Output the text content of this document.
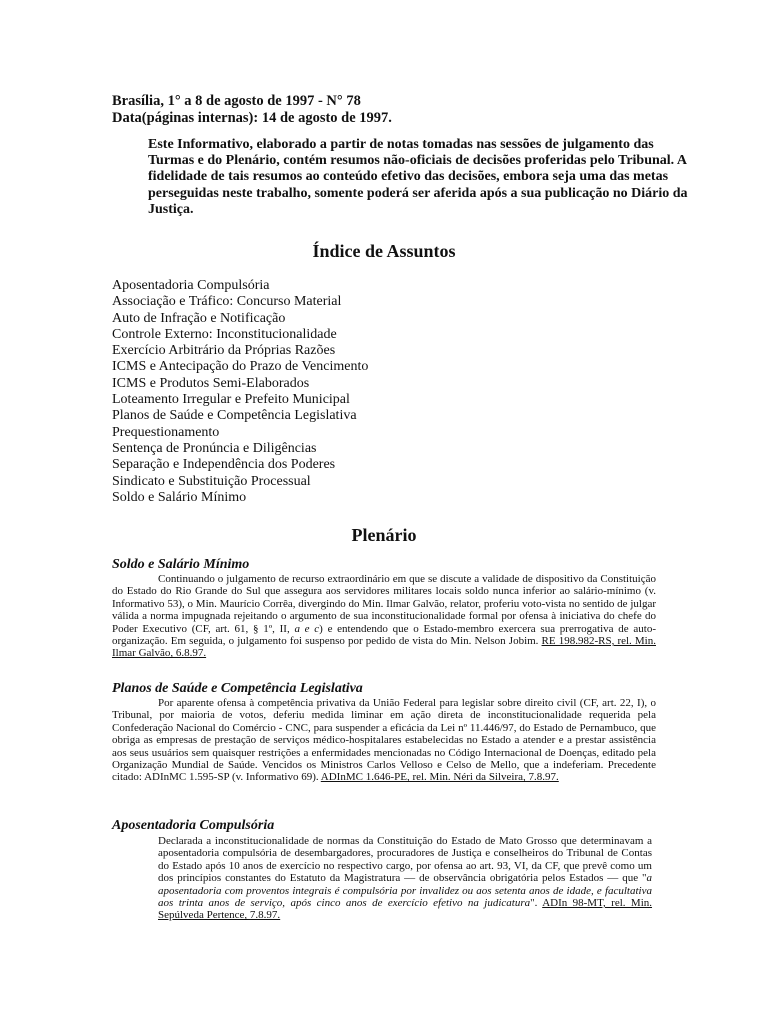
Brasília, 1° a 8 de agosto de 1997 - N° 78
Data(páginas internas): 14 de agosto de 1997.
Este Informativo, elaborado a partir de notas tomadas nas sessões de julgamento das Turmas e do Plenário, contém resumos não-oficiais de decisões proferidas pelo Tribunal. A fidelidade de tais resumos ao conteúdo efetivo das decisões, embora seja uma das metas perseguidas neste trabalho, somente poderá ser aferida após a sua publicação no Diário da Justiça.
Índice de Assuntos
Aposentadoria Compulsória
Associação e Tráfico: Concurso Material
Auto de Infração e Notificação
Controle Externo: Inconstitucionalidade
Exercício Arbitrário da Próprias Razões
ICMS e Antecipação do Prazo de Vencimento
ICMS e Produtos Semi-Elaborados
Loteamento Irregular e Prefeito Municipal
Planos de Saúde e Competência Legislativa
Prequestionamento
Sentença de Pronúncia e Diligências
Separação e Independência dos Poderes
Sindicato e Substituição Processual
Soldo e Salário Mínimo
Plenário
Soldo e Salário Mínimo
Continuando o julgamento de recurso extraordinário em que se discute a validade de dispositivo da Constituição do Estado do Rio Grande do Sul que assegura aos servidores militares locais soldo nunca inferior ao salário-mínimo (v. Informativo 53), o Min. Maurício Corrêa, divergindo do Min. Ilmar Galvão, relator, proferiu voto-vista no sentido de julgar válida a norma impugnada rejeitando o argumento de sua inconstitucionalidade formal por ofensa à iniciativa do chefe do Poder Executivo (CF, art. 61, § 1º, II, a e c) e entendendo que o Estado-membro exercera sua prerrogativa de auto-organização. Em seguida, o julgamento foi suspenso por pedido de vista do Min. Nelson Jobim. RE 198.982-RS, rel. Min. Ilmar Galvão, 6.8.97.
Planos de Saúde e Competência Legislativa
Por aparente ofensa à competência privativa da União Federal para legislar sobre direito civil (CF, art. 22, I), o Tribunal, por maioria de votos, deferiu medida liminar em ação direta de inconstitucionalidade requerida pela Confederação Nacional do Comércio - CNC, para suspender a eficácia da Lei nº 11.446/97, do Estado de Pernambuco, que obriga as empresas de prestação de serviços médico-hospitalares estabelecidas no Estado a atender e a prestar assistência aos seus usuários sem quaisquer restrições a enfermidades mencionadas no Código Internacional de Doenças, editado pela Organização Mundial de Saúde. Vencidos os Ministros Carlos Velloso e Celso de Mello, que a indeferiam. Precedente citado: ADInMC 1.595-SP (v. Informativo 69). ADInMC 1.646-PE, rel. Min. Néri da Silveira, 7.8.97.
Aposentadoria Compulsória
Declarada a inconstitucionalidade de normas da Constituição do Estado de Mato Grosso que determinavam a aposentadoria compulsória de desembargadores, procuradores de Justiça e conselheiros do Tribunal de Contas do Estado após 10 anos de exercício no respectivo cargo, por ofensa ao art. 93, VI, da CF, que prevê como um dos princípios constantes do Estatuto da Magistratura — de observância obrigatória pelos Estados — que "a aposentadoria com proventos integrais é compulsória por invalidez ou aos setenta anos de idade, e facultativa aos trinta anos de serviço, após cinco anos de exercício efetivo na judicatura". ADIn 98-MT, rel. Min. Sepúlveda Pertence, 7.8.97.
